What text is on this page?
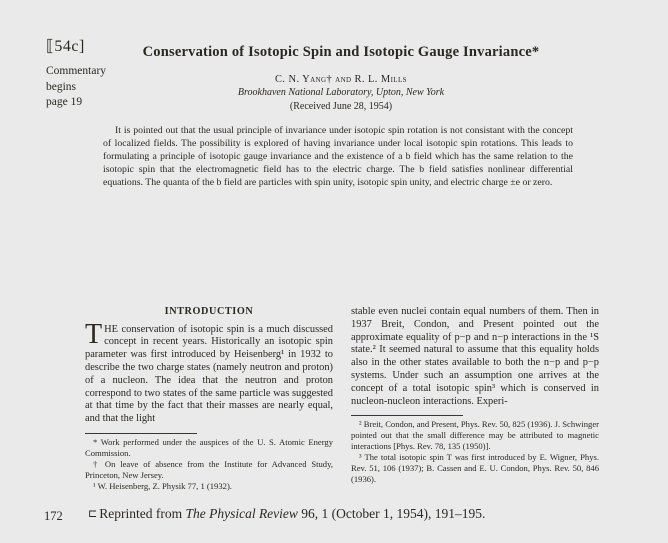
⟦54c]
Commentary
begins
page 19
Conservation of Isotopic Spin and Isotopic Gauge Invariance*
C. N. Yang† and R. L. Mills
Brookhaven National Laboratory, Upton, New York
(Received June 28, 1954)
It is pointed out that the usual principle of invariance under isotopic spin rotation is not consistant with the concept of localized fields. The possibility is explored of having invariance under local isotopic spin rotations. This leads to formulating a principle of isotopic gauge invariance and the existence of a b field which has the same relation to the isotopic spin that the electromagnetic field has to the electric charge. The b field satisfies nonlinear differential equations. The quanta of the b field are particles with spin unity, isotopic spin unity, and electric charge ±e or zero.
INTRODUCTION

THE conservation of isotopic spin is a much discussed concept in recent years. Historically an isotopic spin parameter was first introduced by Heisenberg¹ in 1932 to describe the two charge states (namely neutron and proton) of a nucleon. The idea that the neutron and proton correspond to two states of the same particle was suggested at that time by the fact that their masses are nearly equal, and that the light

* Work performed under the auspices of the U. S. Atomic Energy Commission.

† On leave of absence from the Institute for Advanced Study, Princeton, New Jersey.

¹ W. Heisenberg, Z. Physik 77, 1 (1932).

stable even nuclei contain equal numbers of them. Then in 1937 Breit, Condon, and Present pointed out the approximate equality of p−p and n−p interactions in the ¹S state.² It seemed natural to assume that this equality holds also in the other states available to both the n−p and p−p systems. Under such an assumption one arrives at the concept of a total isotopic spin³ which is conserved in nucleon-nucleon interactions. Experi-

² Breit, Condon, and Present, Phys. Rev. 50, 825 (1936). J. Schwinger pointed out that the small difference may be attributed to magnetic interactions [Phys. Rev. 78, 135 (1950)].

³ The total isotopic spin T was first introduced by E. Wigner, Phys. Rev. 51, 106 (1937); B. Cassen and E. U. Condon, Phys. Rev. 50, 846 (1936).

172 ⊏ Reprinted from The Physical Review 96, 1 (October 1, 1954), 191–195.
